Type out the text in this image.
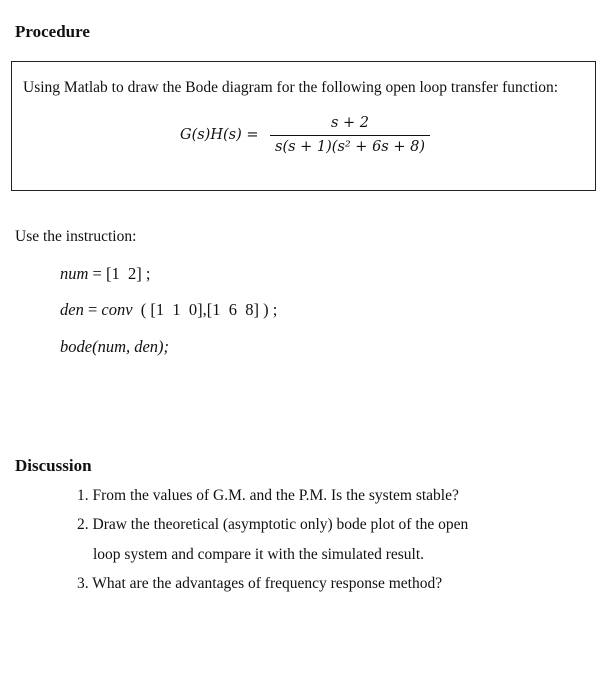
Procedure
Using Matlab to draw the Bode diagram for the following open loop transfer function:
G(s)H(s) =
s + 2
s(s + 1)(s² + 6s + 8)
Use the instruction:
num = [1  2] ;
den = conv  ( [1  1  0],[1  6  8] ) ;
bode(num, den);
Discussion
1. From the values of G.M. and the P.M. Is the system stable?
2. Draw the theoretical (asymptotic only) bode plot of the open
loop system and compare it with the simulated result.
3. What are the advantages of frequency response method?
